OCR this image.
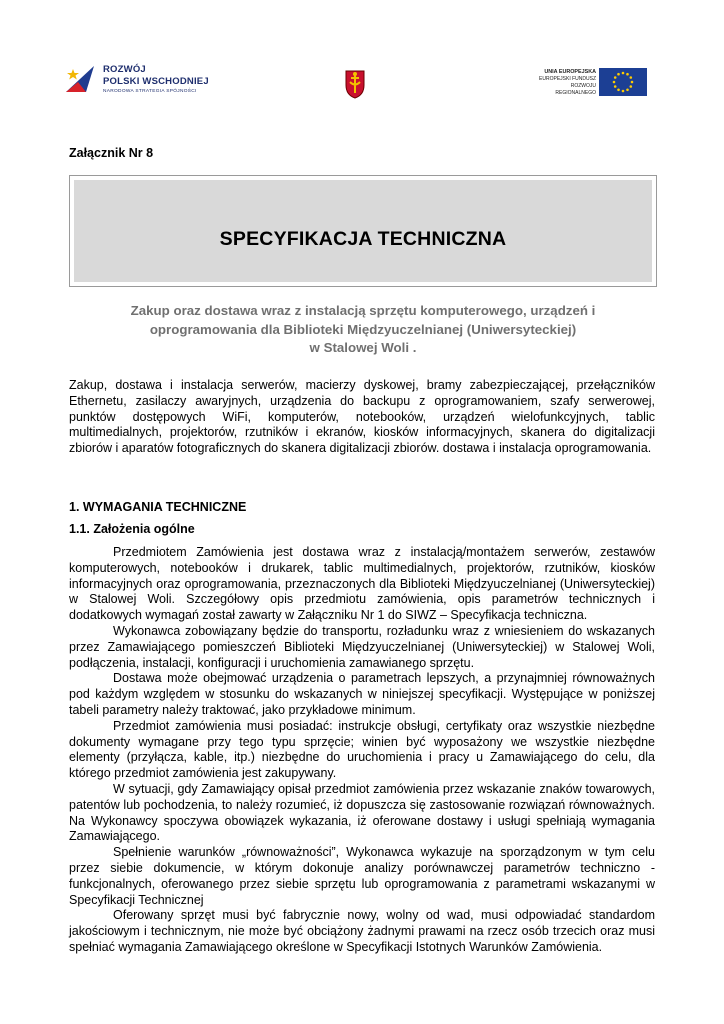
ROZWÓJ
POLSKI WSCHODNIEJ
NARODOWA STRATEGIA SPÓJNOŚCI
UNIA EUROPEJSKA
EUROPEJSKI FUNDUSZ
ROZWOJU REGIONALNEGO
Załącznik Nr 8
SPECYFIKACJA TECHNICZNA
Zakup oraz dostawa wraz z instalacją sprzętu komputerowego, urządzeń i
oprogramowania dla Biblioteki Międzyuczelnianej (Uniwersyteckiej)
w Stalowej Woli .

Zakup, dostawa i instalacja serwerów, macierzy dyskowej, bramy zabezpieczającej, przełączników Ethernetu, zasilaczy awaryjnych, urządzenia do backupu z oprogramowaniem, szafy serwerowej, punktów dostępowych WiFi, komputerów, notebooków, urządzeń wielofunkcyjnych, tablic multimedialnych, projektorów, rzutników i ekranów, kiosków informacyjnych, skanera do digitalizacji zbiorów i aparatów fotograficznych do skanera digitalizacji zbiorów. dostawa i instalacja oprogramowania.

1. WYMAGANIA TECHNICZNE
1.1. Założenia ogólne

Przedmiotem Zamówienia jest dostawa wraz z instalacją/montażem serwerów, zestawów komputerowych, notebooków i drukarek, tablic multimedialnych, projektorów, rzutników, kiosków informacyjnych oraz oprogramowania, przeznaczonych dla Biblioteki Międzyuczelnianej (Uniwersyteckiej) w Stalowej Woli. Szczegółowy opis przedmiotu zamówienia, opis parametrów technicznych i dodatkowych wymagań został zawarty w Załączniku Nr 1 do SIWZ – Specyfikacja techniczna.

Wykonawca zobowiązany będzie do transportu, rozładunku wraz z wniesieniem do wskazanych przez Zamawiającego pomieszczeń Biblioteki Międzyuczelnianej (Uniwersyteckiej) w Stalowej Woli, podłączenia, instalacji, konfiguracji i uruchomienia zamawianego sprzętu.

Dostawa może obejmować urządzenia o parametrach lepszych, a przynajmniej równoważnych pod każdym względem w stosunku do wskazanych w niniejszej specyfikacji. Występujące w poniższej tabeli parametry należy traktować, jako przykładowe minimum.

Przedmiot zamówienia musi posiadać: instrukcje obsługi, certyfikaty oraz wszystkie niezbędne dokumenty wymagane przy tego typu sprzęcie; winien być wyposażony we wszystkie niezbędne elementy (przyłącza, kable, itp.) niezbędne do uruchomienia i pracy u Zamawiającego do celu, dla którego przedmiot zamówienia jest zakupywany.

W sytuacji, gdy Zamawiający opisał przedmiot zamówienia przez wskazanie znaków towarowych, patentów lub pochodzenia, to należy rozumieć, iż dopuszcza się zastosowanie rozwiązań równoważnych. Na Wykonawcy spoczywa obowiązek wykazania, iż oferowane dostawy i usługi spełniają wymagania Zamawiającego.

Spełnienie warunków „równoważności”, Wykonawca wykazuje na sporządzonym w tym celu przez siebie dokumencie, w którym dokonuje analizy porównawczej parametrów techniczno - funkcjonalnych, oferowanego przez siebie sprzętu lub oprogramowania z parametrami wskazanymi w Specyfikacji Technicznej

Oferowany sprzęt musi być fabrycznie nowy, wolny od wad, musi odpowiadać standardom jakościowym i technicznym, nie może być obciążony żadnymi prawami na rzecz osób trzecich oraz musi spełniać wymagania Zamawiającego określone w Specyfikacji Istotnych Warunków Zamówienia.
